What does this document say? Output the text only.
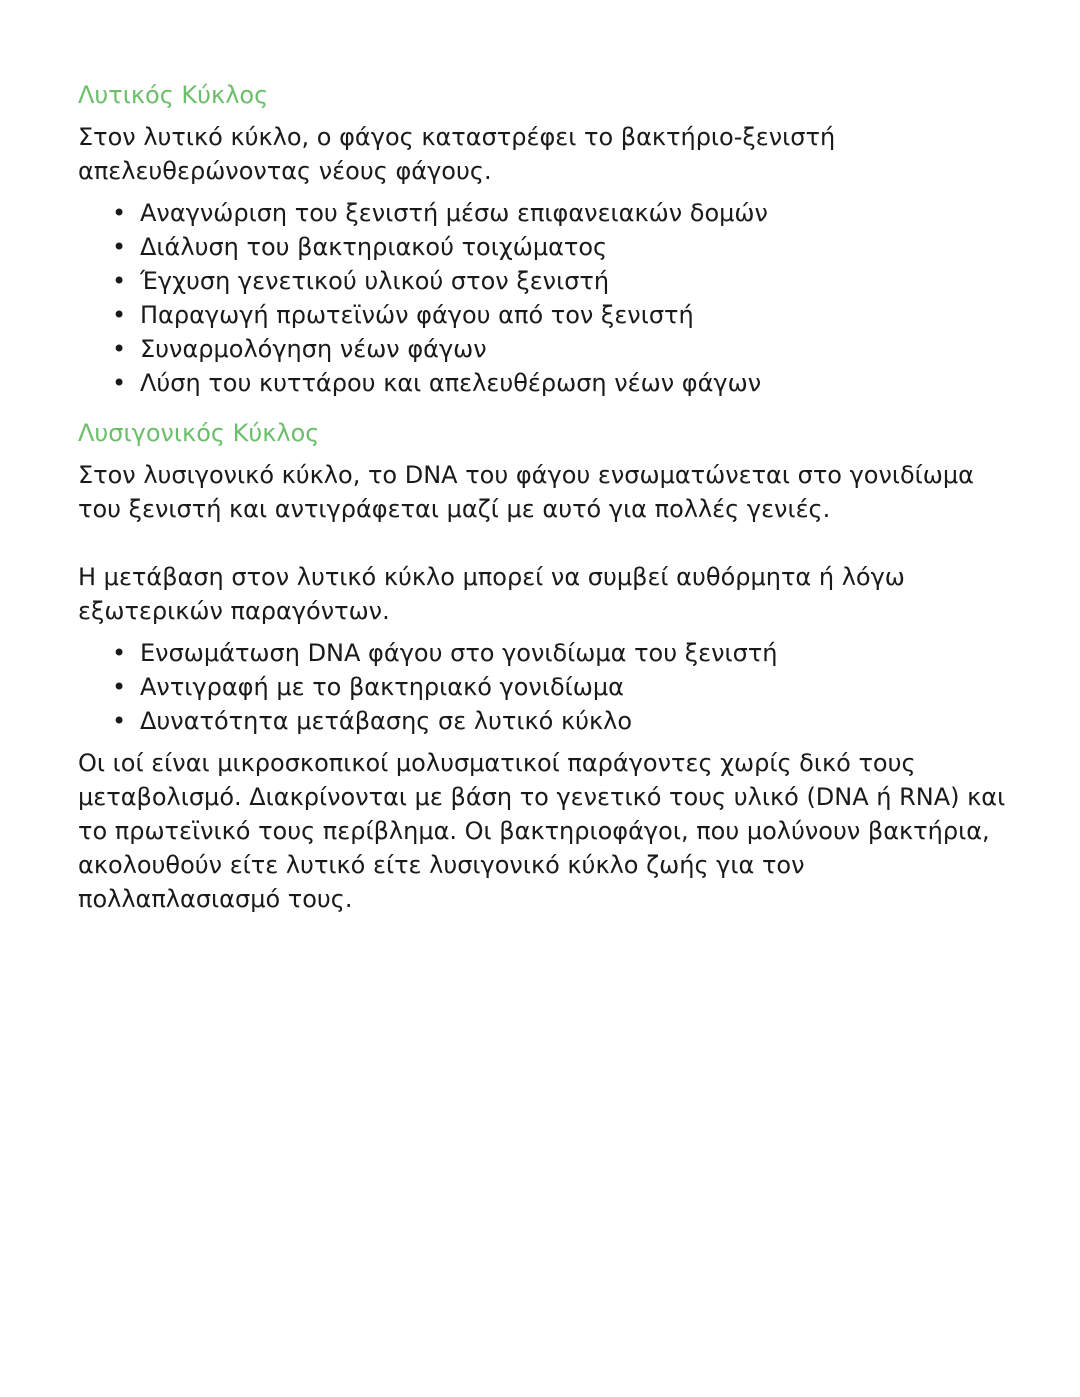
Λυτικός Κύκλος

Στον λυτικό κύκλο, ο φάγος καταστρέφει το βακτήριο-ξενιστή απελευθερώνοντας νέους φάγους.

• Αναγνώριση του ξενιστή μέσω επιφανειακών δομών
• Διάλυση του βακτηριακού τοιχώματος
• Έγχυση γενετικού υλικού στον ξενιστή
• Παραγωγή πρωτεϊνών φάγου από τον ξενιστή
• Συναρμολόγηση νέων φάγων
• Λύση του κυττάρου και απελευθέρωση νέων φάγων
Λυσιγονικός Κύκλος

Στον λυσιγονικό κύκλο, το DNA του φάγου ενσωματώνεται στο γονιδίωμα του ξενιστή και αντιγράφεται μαζί με αυτό για πολλές γενιές.

Η μετάβαση στον λυτικό κύκλο μπορεί να συμβεί αυθόρμητα ή λόγω εξωτερικών παραγόντων.

• Ενσωμάτωση DNA φάγου στο γονιδίωμα του ξενιστή
• Αντιγραφή με το βακτηριακό γονιδίωμα
• Δυνατότητα μετάβασης σε λυτικό κύκλο

Οι ιοί είναι μικροσκοπικοί μολυσματικοί παράγοντες χωρίς δικό τους μεταβολισμό. Διακρίνονται με βάση το γενετικό τους υλικό (DNA ή RNA) και το πρωτεϊνικό τους περίβλημα. Οι βακτηριοφάγοι, που μολύνουν βακτήρια, ακολουθούν είτε λυτικό είτε λυσιγονικό κύκλο ζωής για τον πολλαπλασιασμό τους.
